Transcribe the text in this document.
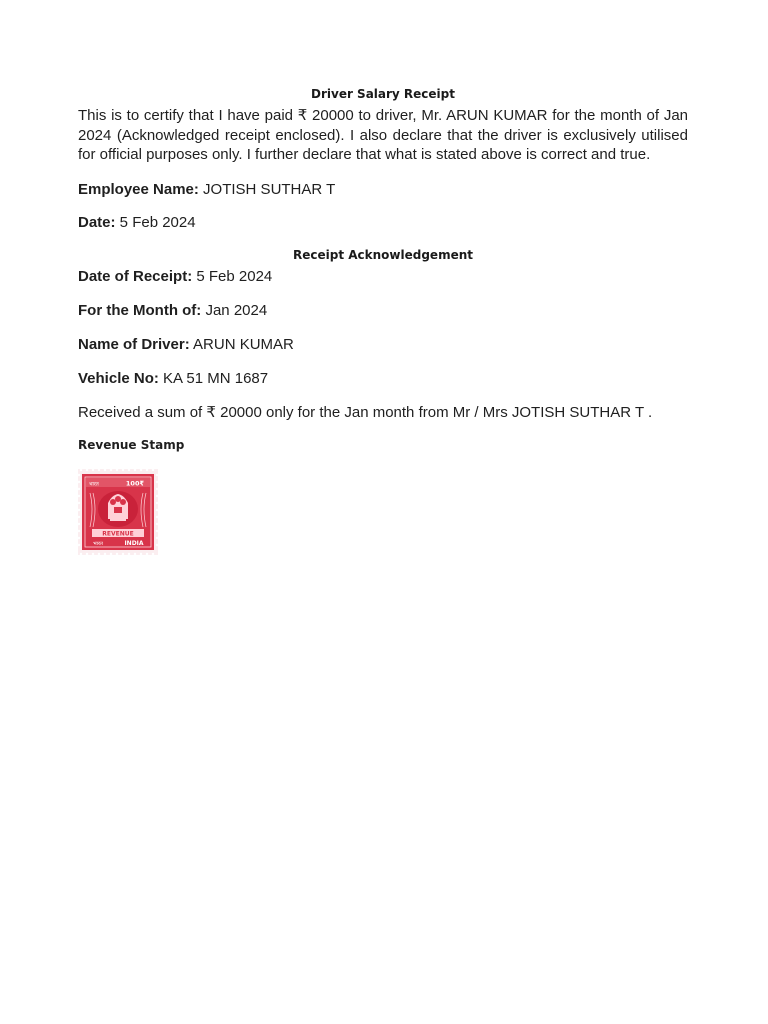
Driver Salary Receipt

This is to certify that I have paid ₹ 20000 to driver, Mr. ARUN KUMAR for the month of Jan 2024 (Acknowledged receipt enclosed). I also declare that the driver is exclusively utilised for official purposes only. I further declare that what is stated above is correct and true.

Employee Name: JOTISH SUTHAR T

Date: 5 Feb 2024

Receipt Acknowledgement

Date of Receipt: 5 Feb 2024

For the Month of: Jan 2024

Name of Driver: ARUN KUMAR

Vehicle No: KA 51 MN 1687

Received a sum of ₹ 20000 only for the Jan month from Mr / Mrs JOTISH SUTHAR T .

Revenue Stamp

100₹
भारत
REVENUE
INDIA
भारत
